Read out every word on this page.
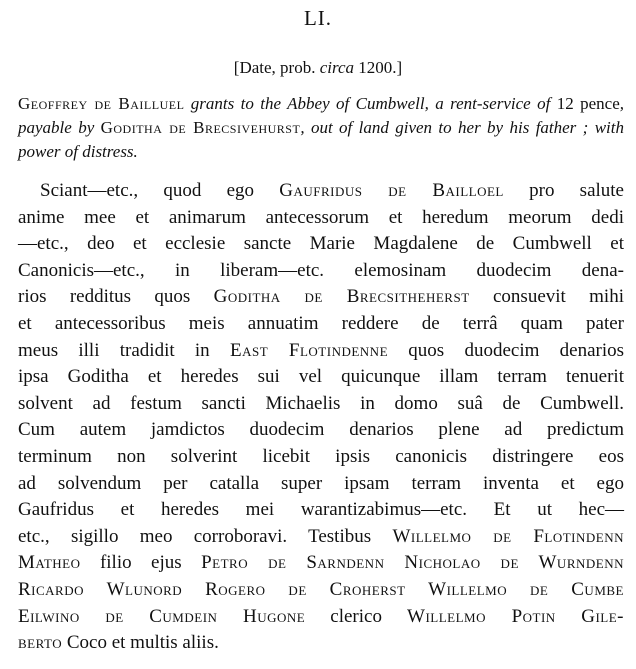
LI.
[Date, prob. circa 1200.]
Geoffrey de Bailluel grants to the Abbey of Cumbwell, a rent-service of 12 pence, payable by Goditha de Brecsivehurst, out of land given to her by his father ; with power of distress.
Sciant—etc., quod ego Gaufridus de Bailloel pro salute
anime mee et animarum antecessorum et heredum meorum dedi
—etc., deo et ecclesie sancte Marie Magdalene de Cumbwell et
Canonicis—etc., in liberam—etc. elemosinam duodecim dena-
rios redditus quos Goditha de Brecsitheherst consuevit mihi
et antecessoribus meis annuatim reddere de terrâ quam pater
meus illi tradidit in East Flotindenne quos duodecim denarios
ipsa Goditha et heredes sui vel quicunque illam terram tenuerit
solvent ad festum sancti Michaelis in domo suâ de Cumbwell.
Cum autem jamdictos duodecim denarios plene ad predictum
terminum non solverint licebit ipsis canonicis distringere eos
ad solvendum per catalla super ipsam terram inventa et ego
Gaufridus et heredes mei warantizabimus—etc. Et ut hec—
etc., sigillo meo corroboravi. Testibus Willelmo de Flotindenn
Matheo filio ejus Petro de Sarndenn Nicholao de Wurndenn
Ricardo Wlunord Rogero de Croherst Willelmo de Cumbe
Eilwino de Cumdein Hugone clerico Willelmo Potin Gile-
berto Coco et multis aliis.
